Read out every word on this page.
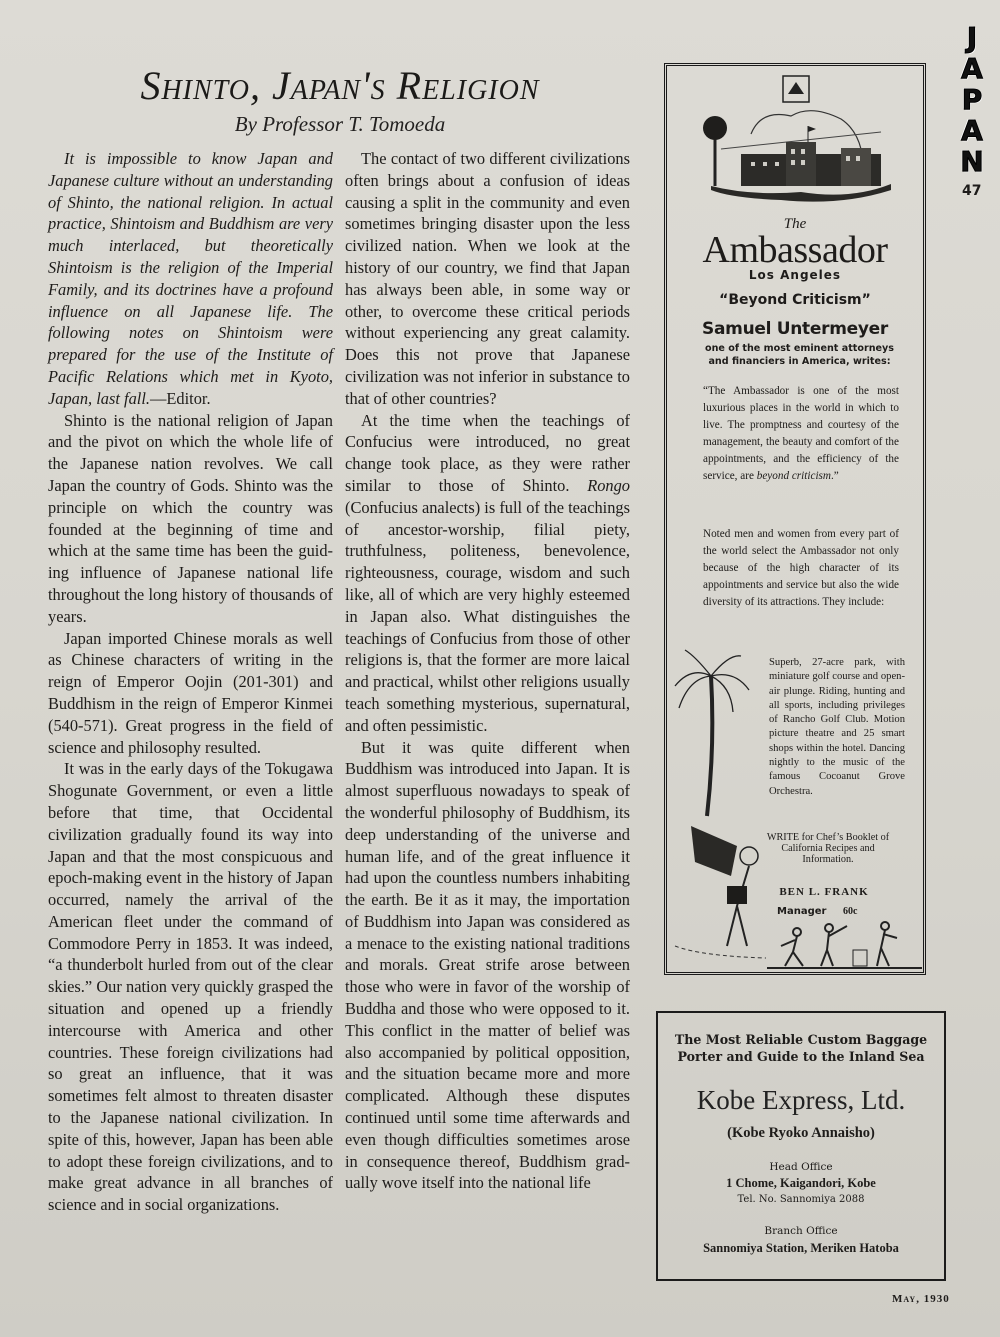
J
A
P
A
N
47
Shinto, Japan's Religion
By Professor T. Tomoeda

It is impossible to know Japan and Japanese culture without an understanding of Shinto, the national religion. In actual practice, Shintoism and Buddhism are very much interlaced, but theoretically Shintoism is the religion of the Imperial Family, and its doctrines have a profound influence on all Japanese life. The following notes on Shintoism were prepared for the use of the Institute of Pacific Relations which met in Kyoto, Japan, last fall.—Editor.

Shinto is the national religion of Japan and the pivot on which the whole life of the Japanese nation revolves. We call Japan the country of Gods. Shinto was the principle on which the country was founded at the beginning of time and which at the same time has been the guiding influence of Japanese national life throughout the long history of thousands of years.

Japan imported Chinese morals as well as Chinese characters of writing in the reign of Emperor Oojin (201-301) and Buddhism in the reign of Emperor Kinmei (540-571). Great progress in the field of science and philosophy resulted.

It was in the early days of the Tokugawa Shogunate Government, or even a little before that time, that Occidental civilization gradually found its way into Japan and that the most conspicuous and epoch-making event in the history of Japan occurred, namely the arrival of the American fleet under the command of Commodore Perry in 1853. It was indeed, “a thunderbolt hurled from out of the clear skies.” Our nation very quickly grasped the situation and opened up a friendly intercourse with America and other countries. These foreign civilizations had so great an influence, that it was sometimes felt almost to threaten disaster to the Japanese national civilization. In spite of this, however, Japan has been able to adopt these foreign civilizations, and to make great advance in all branches of science and in social organizations.

The contact of two different civilizations often brings about a confusion of ideas causing a split in the community and even sometimes bringing disaster upon the less civilized nation. When we look at the history of our country, we find that Japan has always been able, in some way or other, to overcome these critical periods without experiencing any great calamity. Does this not prove that Japanese civilization was not inferior in substance to that of other countries?

At the time when the teachings of Confucius were introduced, no great change took place, as they were rather similar to those of Shinto. Rongo (Confucius analects) is full of the teachings of ancestor-worship, filial piety, truthfulness, politeness, benevolence, righteousness, courage, wisdom and such like, all of which are very highly esteemed in Japan also. What distinguishes the teachings of Confucius from those of other religions is, that the former are more laical and practical, whilst other religions usually teach something mysterious, supernatural, and often pessimistic.

But it was quite different when Buddhism was introduced into Japan. It is almost superfluous nowadays to speak of the wonderful philosophy of Buddhism, its deep understanding of the universe and human life, and of the great influence it had upon the countless numbers inhabiting the earth. Be it as it may, the importation of Buddhism into Japan was considered as a menace to the existing national traditions and morals. Great strife arose between those who were in favor of the worship of Buddha and those who were opposed to it. This conflict in the matter of belief was also accompanied by political opposition, and the situation became more and more complicated. Although these disputes continued until some time afterwards and even though difficulties sometimes arose in consequence thereof, Buddhism gradually wove itself into the national life

The
Ambassador
Los Angeles
“Beyond Criticism”
Samuel Untermeyer
one of the most eminent attorneys and financiers in America, writes:
“The Ambassador is one of the most luxurious places in the world in which to live. The promptness and courtesy of the management, the beauty and comfort of the appointments, and the efficiency of the service, are beyond criticism.”
Noted men and women from every part of the world select the Ambassador not only because of the high character of its appointments and service but also the wide diversity of its attractions. They include:
Superb, 27-acre park, with miniature golf course and open-air plunge. Riding, hunting and all sports, including privileges of Rancho Golf Club. Motion picture theatre and 25 smart shops within the hotel. Dancing nightly to the music of the famous Cocoanut Grove Orchestra.
WRITE for Chef’s Booklet of California Recipes and Information.
BEN L. FRANK
Manager 60c
The Most Reliable Custom Baggage
Porter and Guide to the Inland Sea
Kobe Express, Ltd.
(Kobe Ryoko Annaisho)
Head Office
1 Chome, Kaigandori, Kobe
Tel. No. Sannomiya 2088
Branch Office
Sannomiya Station, Meriken Hatoba
May, 1930
